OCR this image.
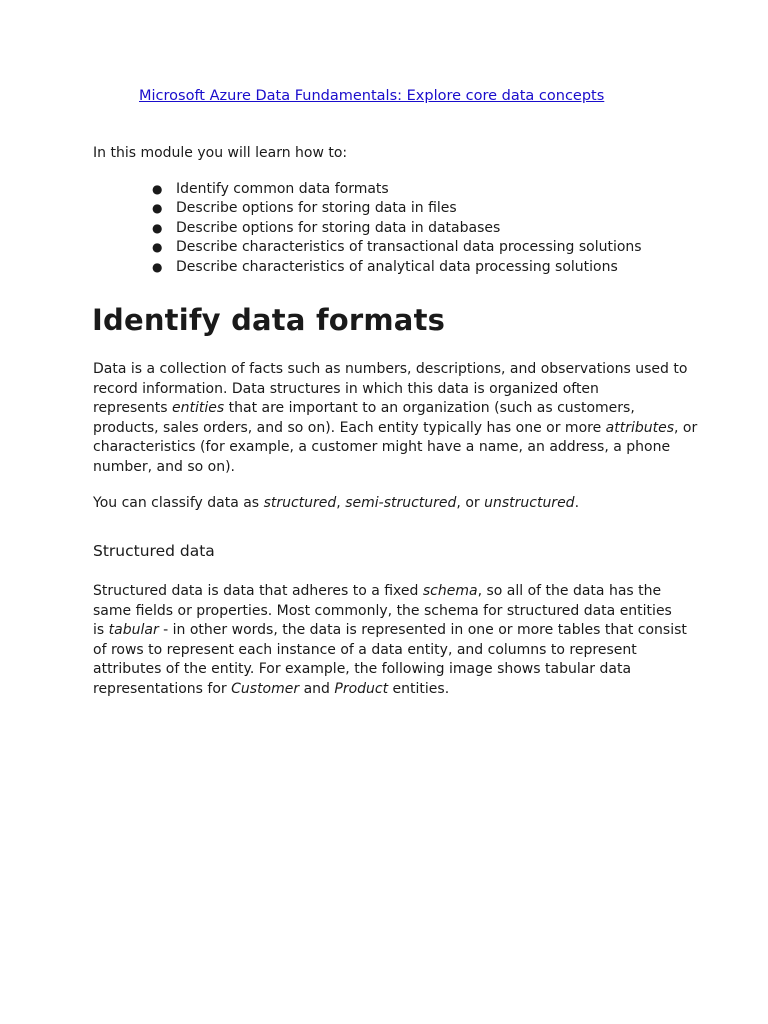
Microsoft Azure Data Fundamentals: Explore core data concepts
In this module you will learn how to:
● Identify common data formats
● Describe options for storing data in files
● Describe options for storing data in databases
● Describe characteristics of transactional data processing solutions
● Describe characteristics of analytical data processing solutions
Identify data formats

Data is a collection of facts such as numbers, descriptions, and observations used to
record information. Data structures in which this data is organized often
represents entities that are important to an organization (such as customers,
products, sales orders, and so on). Each entity typically has one or more attributes, or
characteristics (for example, a customer might have a name, an address, a phone
number, and so on).

You can classify data as structured, semi-structured, or unstructured.

Structured data

Structured data is data that adheres to a fixed schema, so all of the data has the
same fields or properties. Most commonly, the schema for structured data entities
is tabular - in other words, the data is represented in one or more tables that consist
of rows to represent each instance of a data entity, and columns to represent
attributes of the entity. For example, the following image shows tabular data
representations for Customer and Product entities.
